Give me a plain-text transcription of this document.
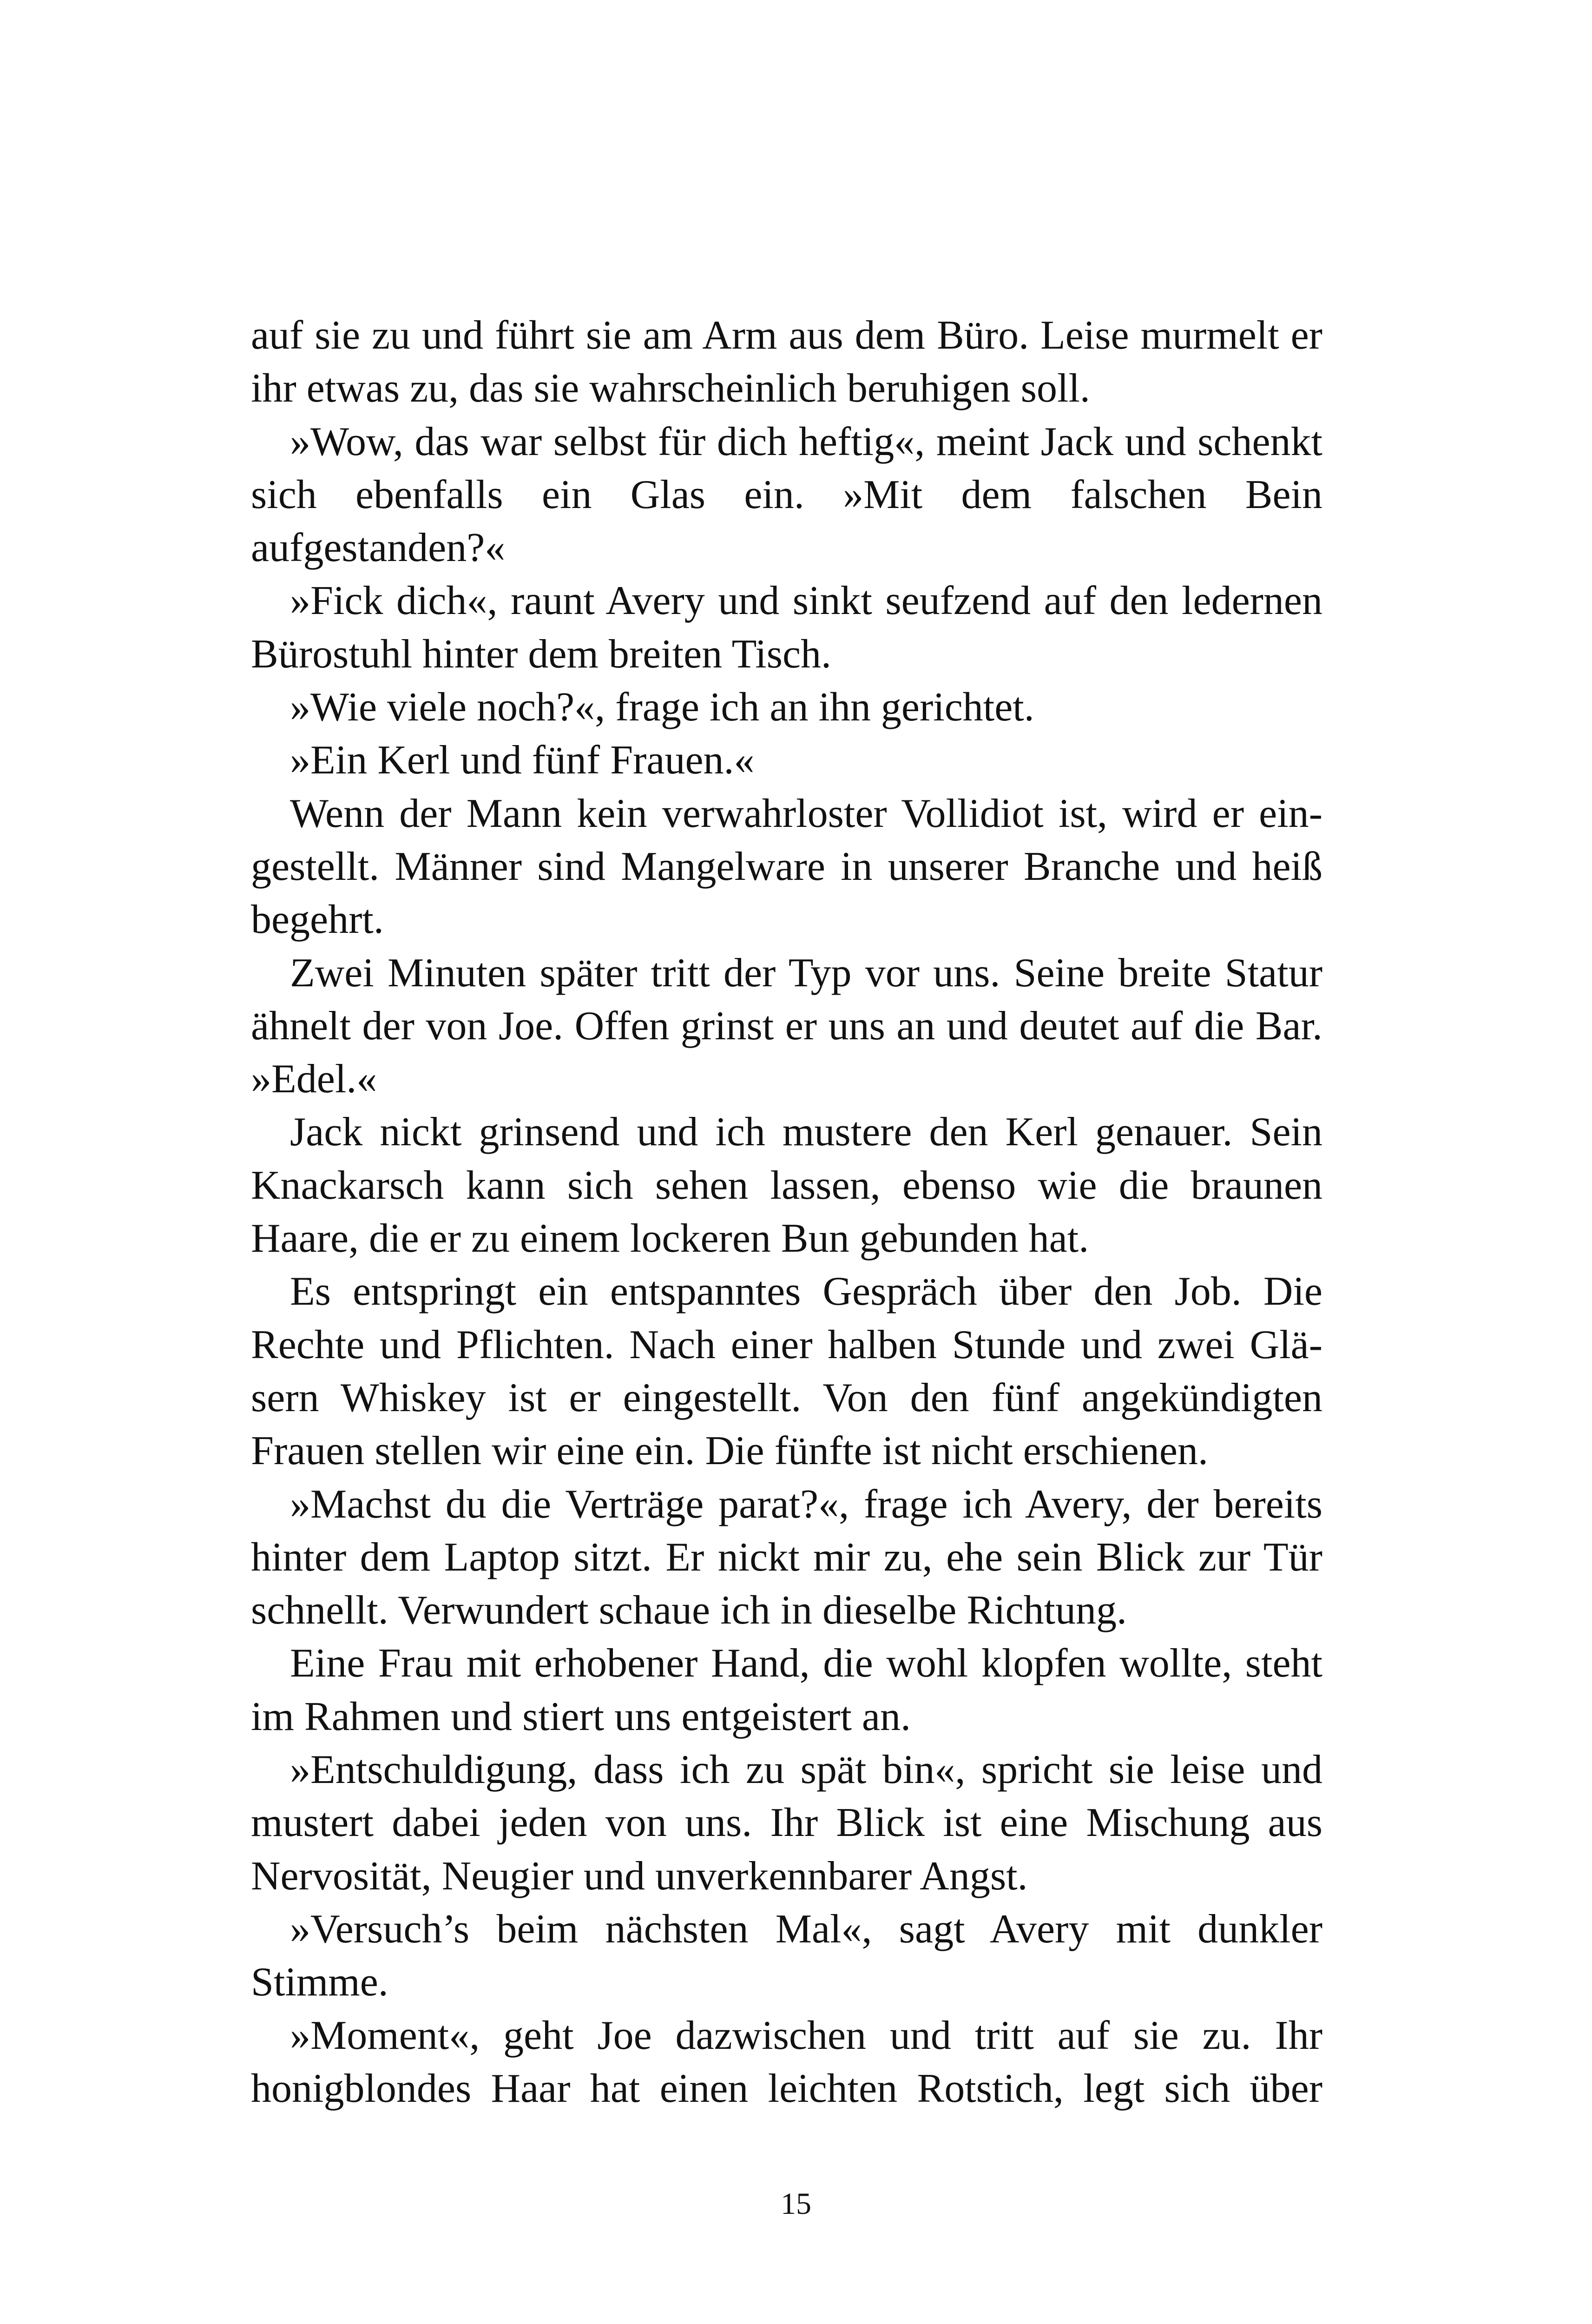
auf sie zu und führt sie am Arm aus dem Büro. Leise murmelt er ihr etwas zu, das sie wahrscheinlich beruhigen soll.

»Wow, das war selbst für dich heftig«, meint Jack und schenkt sich ebenfalls ein Glas ein. »Mit dem falschen Bein aufgestanden?«

»Fick dich«, raunt Avery und sinkt seufzend auf den ledernen Bürostuhl hinter dem breiten Tisch.

»Wie viele noch?«, frage ich an ihn gerichtet.

»Ein Kerl und fünf Frauen.«

Wenn der Mann kein verwahrloster Vollidiot ist, wird er eingestellt. Männer sind Mangelware in unserer Branche und heiß begehrt.

Zwei Minuten später tritt der Typ vor uns. Seine breite Statur ähnelt der von Joe. Offen grinst er uns an und deutet auf die Bar. »Edel.«

Jack nickt grinsend und ich mustere den Kerl genauer. Sein Knackarsch kann sich sehen lassen, ebenso wie die braunen Haare, die er zu einem lockeren Bun gebunden hat.

Es entspringt ein entspanntes Gespräch über den Job. Die Rechte und Pflichten. Nach einer halben Stunde und zwei Gläsern Whiskey ist er eingestellt. Von den fünf angekündigten Frauen stellen wir eine ein. Die fünfte ist nicht erschienen.

»Machst du die Verträge parat?«, frage ich Avery, der bereits hinter dem Laptop sitzt. Er nickt mir zu, ehe sein Blick zur Tür schnellt. Verwundert schaue ich in dieselbe Richtung.

Eine Frau mit erhobener Hand, die wohl klopfen wollte, steht im Rahmen und stiert uns entgeistert an.

»Entschuldigung, dass ich zu spät bin«, spricht sie leise und mustert dabei jeden von uns. Ihr Blick ist eine Mischung aus Nervosität, Neugier und unverkennbarer Angst.

»Versuch’s beim nächsten Mal«, sagt Avery mit dunkler Stimme.

»Moment«, geht Joe dazwischen und tritt auf sie zu. Ihr honigblondes Haar hat einen leichten Rotstich, legt sich über

15
